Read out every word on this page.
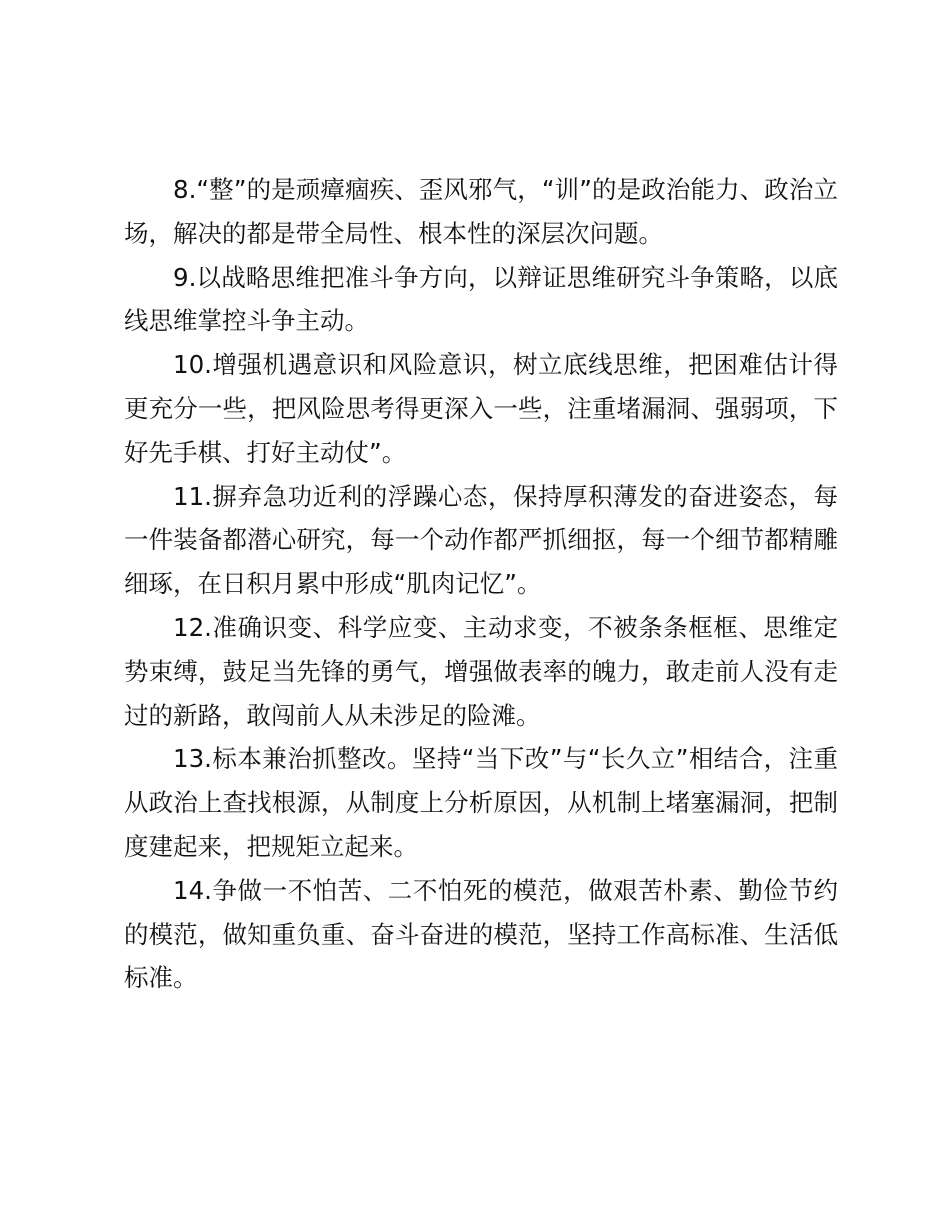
8.“整”的是顽瘴痼疾、歪风邪气，“训”的是政治能力、政治立场，解决的都是带全局性、根本性的深层次问题。

9.以战略思维把准斗争方向，以辩证思维研究斗争策略，以底线思维掌控斗争主动。

10.增强机遇意识和风险意识，树立底线思维，把困难估计得更充分一些，把风险思考得更深入一些，注重堵漏洞、强弱项，下好先手棋、打好主动仗”。

11.摒弃急功近利的浮躁心态，保持厚积薄发的奋进姿态，每一件装备都潜心研究，每一个动作都严抓细抠，每一个细节都精雕细琢，在日积月累中形成“肌肉记忆”。

12.准确识变、科学应变、主动求变，不被条条框框、思维定势束缚，鼓足当先锋的勇气，增强做表率的魄力，敢走前人没有走过的新路，敢闯前人从未涉足的险滩。

13.标本兼治抓整改。坚持“当下改”与“长久立”相结合，注重从政治上查找根源，从制度上分析原因，从机制上堵塞漏洞，把制度建起来，把规矩立起来。

14.争做一不怕苦、二不怕死的模范，做艰苦朴素、勤俭节约的模范，做知重负重、奋斗奋进的模范，坚持工作高标准、生活低标准。
